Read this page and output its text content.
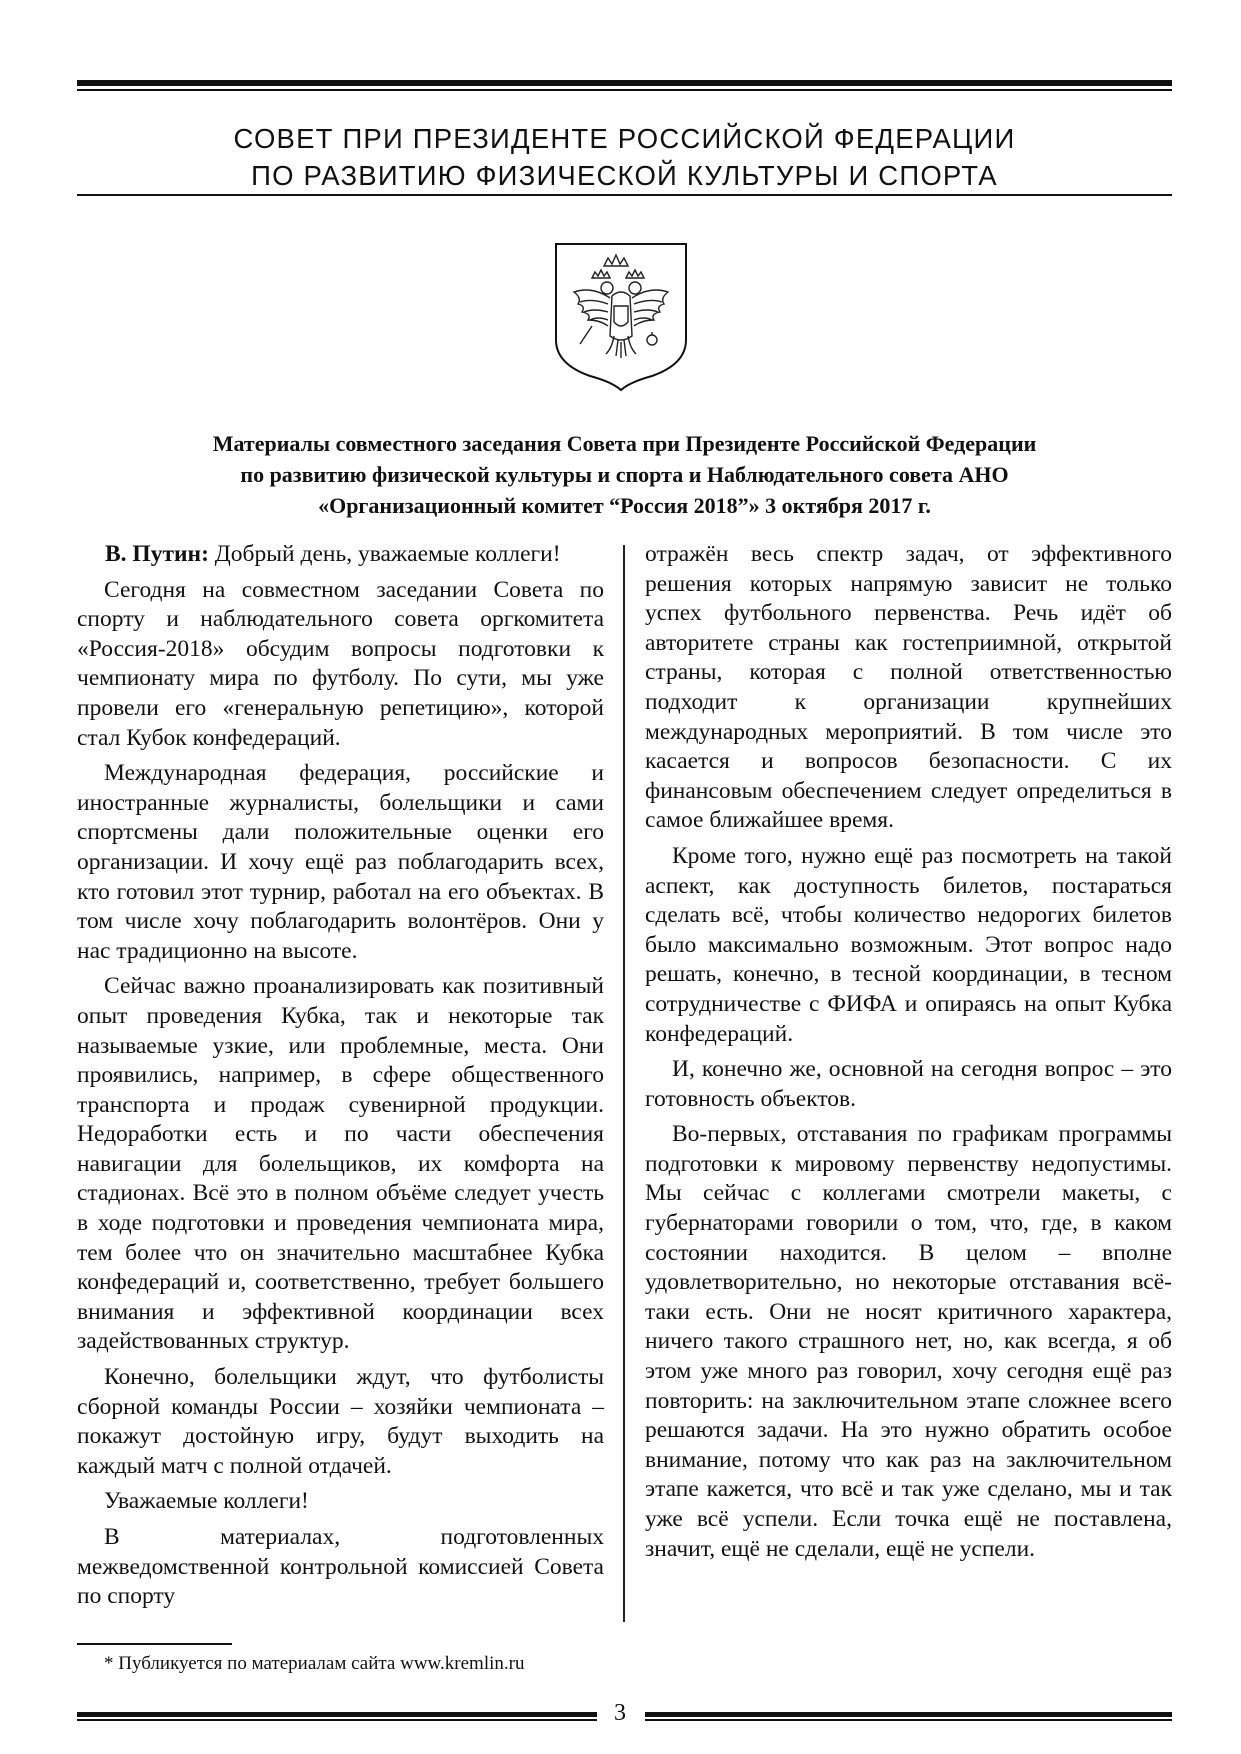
СОВЕТ ПРИ ПРЕЗИДЕНТЕ РОССИЙСКОЙ ФЕДЕРАЦИИ
ПО РАЗВИТИЮ ФИЗИЧЕСКОЙ КУЛЬТУРЫ И СПОРТА
Материалы совместного заседания Совета при Президенте Российской Федерации
по развитию физической культуры и спорта и Наблюдательного совета АНО
«Организационный комитет “Россия 2018”» 3 октября 2017 г.

В. Путин: Добрый день, уважаемые коллеги!

Сегодня на совместном заседании Совета по спорту и наблюдательного совета оргкомитета «Россия-2018» обсудим вопросы подготовки к чемпионату мира по футболу. По сути, мы уже провели его «генеральную репетицию», которой стал Кубок конфедераций.

Международная федерация, российские и иностранные журналисты, болельщики и сами спортсмены дали положительные оценки его организации. И хочу ещё раз поблагодарить всех, кто готовил этот турнир, работал на его объектах. В том числе хочу поблагодарить волонтёров. Они у нас традиционно на высоте.

Сейчас важно проанализировать как позитивный опыт проведения Кубка, так и некоторые так называемые узкие, или проблемные, места. Они проявились, например, в сфере общественного транспорта и продаж сувенирной продукции. Недоработки есть и по части обеспечения навигации для болельщиков, их комфорта на стадионах. Всё это в полном объёме следует учесть в ходе подготовки и проведения чемпионата мира, тем более что он значительно масштабнее Кубка конфедераций и, соответственно, требует большего внимания и эффективной координации всех задействованных структур.

Конечно, болельщики ждут, что футболисты сборной команды России – хозяйки чемпионата – покажут достойную игру, будут выходить на каждый матч с полной отдачей.

Уважаемые коллеги!

В материалах, подготовленных межведомственной контрольной комиссией Совета по спорту

отражён весь спектр задач, от эффективного решения которых напрямую зависит не только успех футбольного первенства. Речь идёт об авторитете страны как гостеприимной, открытой страны, которая с полной ответственностью подходит к организации крупнейших международных мероприятий. В том числе это касается и вопросов безопасности. С их финансовым обеспечением следует определиться в самое ближайшее время.

Кроме того, нужно ещё раз посмотреть на такой аспект, как доступность билетов, постараться сделать всё, чтобы количество недорогих билетов было максимально возможным. Этот вопрос надо решать, конечно, в тесной координации, в тесном сотрудничестве с ФИФА и опираясь на опыт Кубка конфедераций.

И, конечно же, основной на сегодня вопрос – это готовность объектов.

Во-первых, отставания по графикам программы подготовки к мировому первенству недопустимы. Мы сейчас с коллегами смотрели макеты, с губернаторами говорили о том, что, где, в каком состоянии находится. В целом – вполне удовлетворительно, но некоторые отставания всё-таки есть. Они не носят критичного характера, ничего такого страшного нет, но, как всегда, я об этом уже много раз говорил, хочу сегодня ещё раз повторить: на заключительном этапе сложнее всего решаются задачи. На это нужно обратить особое внимание, потому что как раз на заключительном этапе кажется, что всё и так уже сделано, мы и так уже всё успели. Если точка ещё не поставлена, значит, ещё не сделали, ещё не успели.

* Публикуется по материалам сайта www.kremlin.ru
3
